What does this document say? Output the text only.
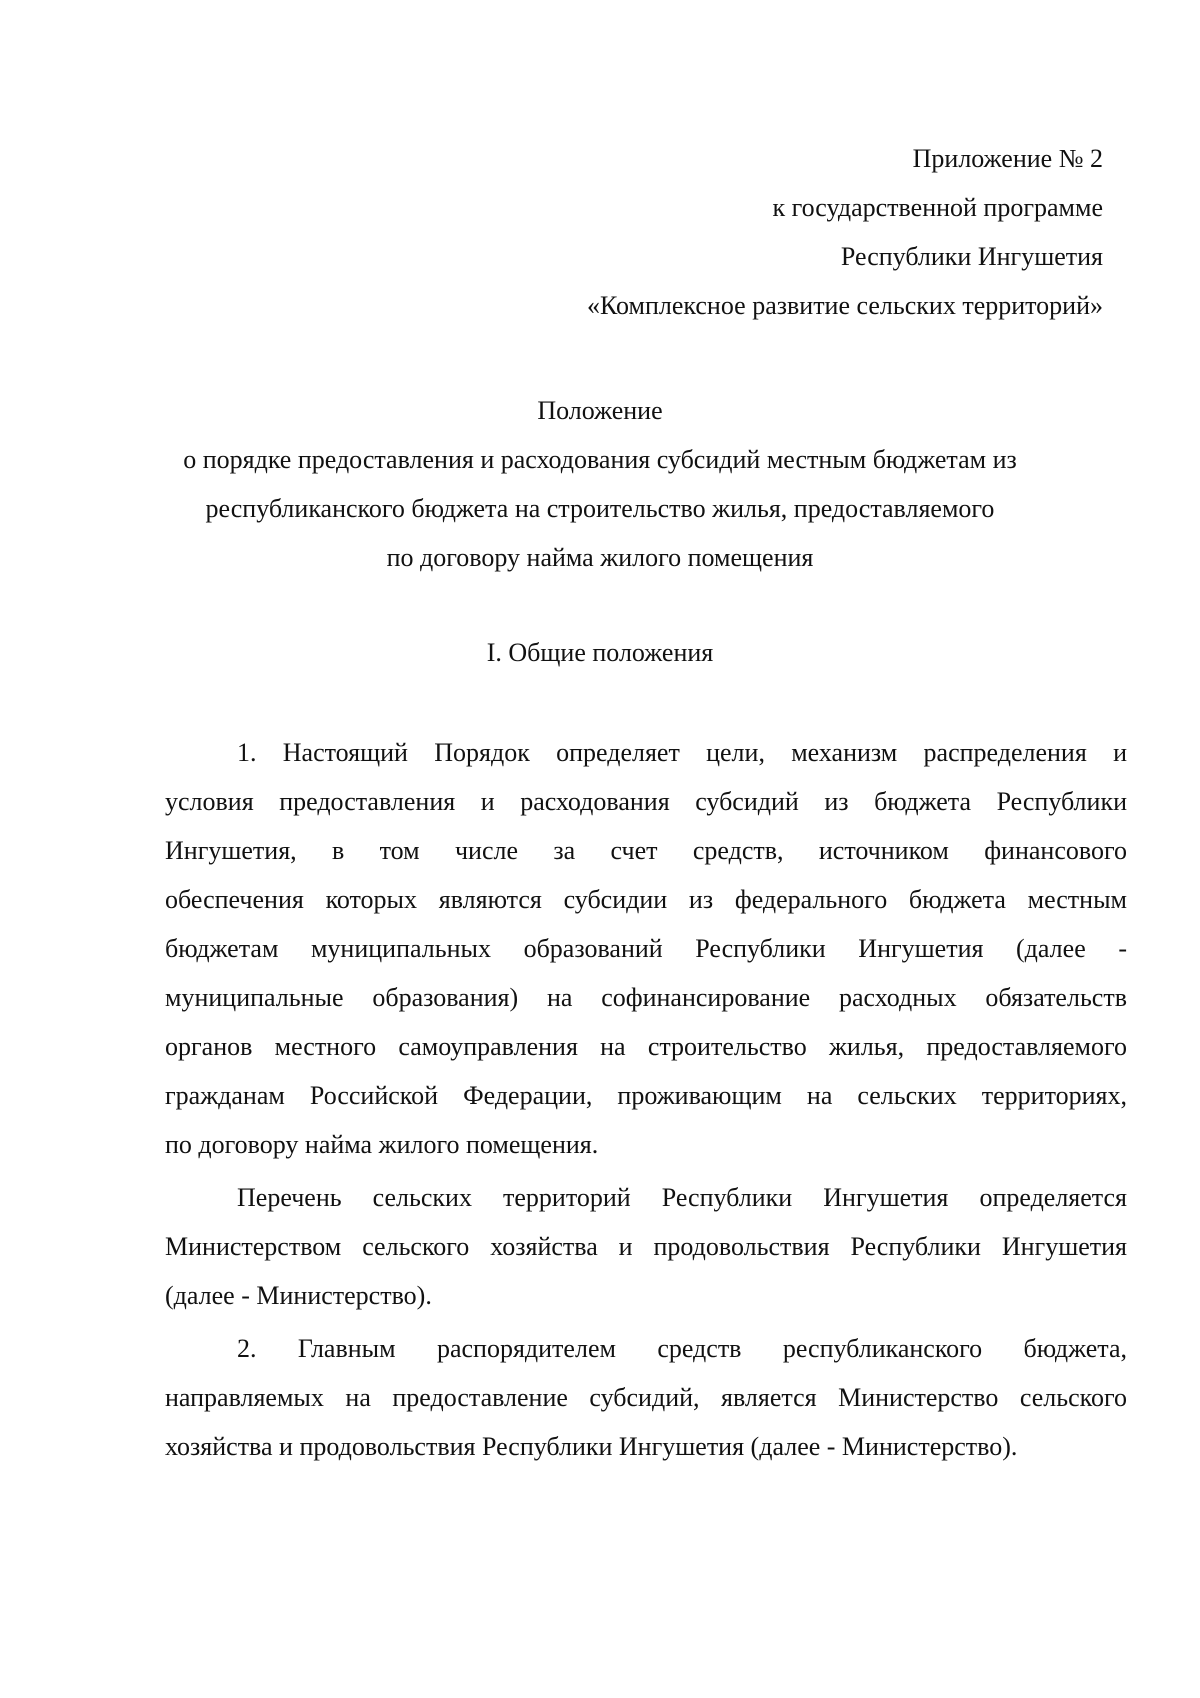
Приложение № 2
к государственной программе
Республики Ингушетия
«Комплексное развитие сельских территорий»
Положение
о порядке предоставления и расходования субсидий местным бюджетам из
республиканского бюджета на строительство жилья, предоставляемого
по договору найма жилого помещения
I. Общие положения
1. Настоящий Порядок определяет цели, механизм распределения и
условия предоставления и расходования субсидий из бюджета Республики
Ингушетия, в том числе за счет средств, источником финансового
обеспечения которых являются субсидии из федерального бюджета местным
бюджетам муниципальных образований Республики Ингушетия (далее -
муниципальные образования) на софинансирование расходных обязательств
органов местного самоуправления на строительство жилья, предоставляемого
гражданам Российской Федерации, проживающим на сельских территориях,
по договору найма жилого помещения.
Перечень сельских территорий Республики Ингушетия определяется
Министерством сельского хозяйства и продовольствия Республики Ингушетия
(далее - Министерство).
2. Главным распорядителем средств республиканского бюджета,
направляемых на предоставление субсидий, является Министерство сельского
хозяйства и продовольствия Республики Ингушетия (далее - Министерство).
